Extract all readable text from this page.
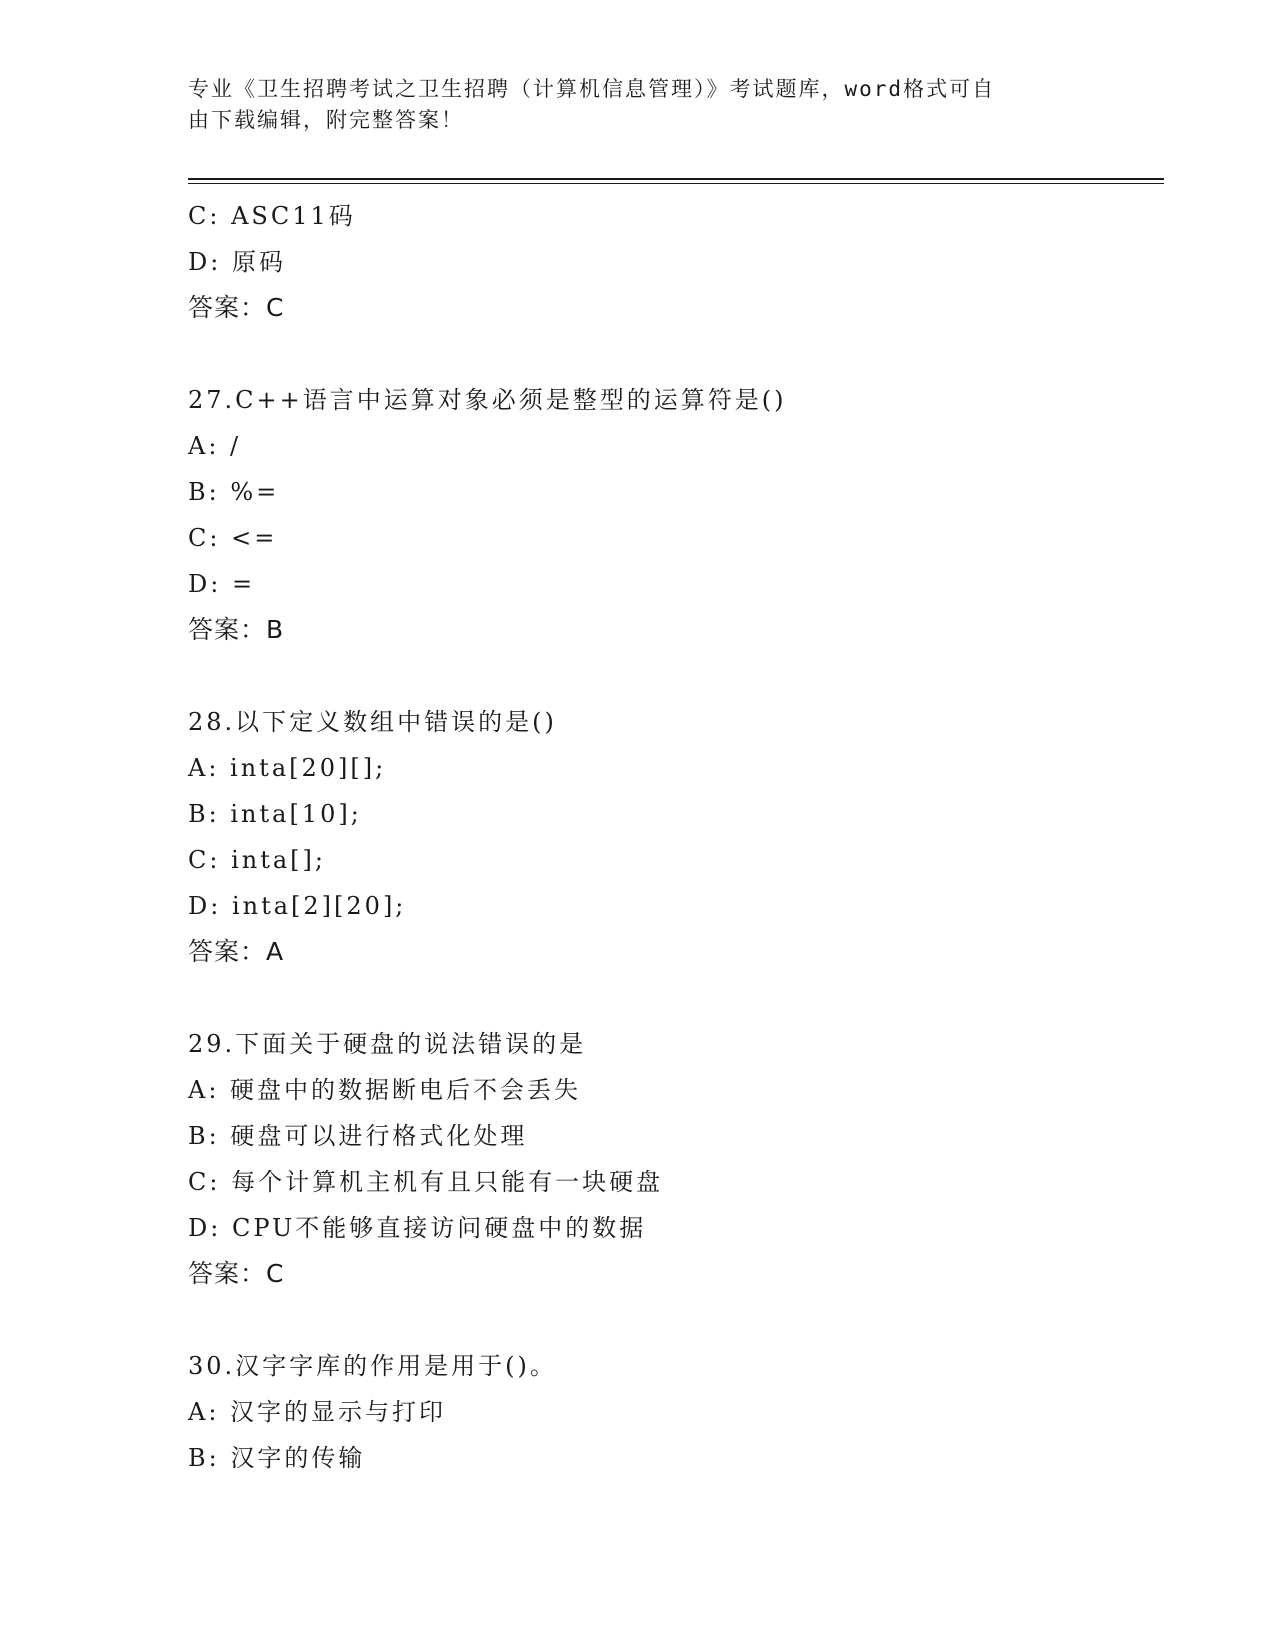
专业《卫生招聘考试之卫生招聘（计算机信息管理）》考试题库，word格式可自
由下载编辑，附完整答案！
C: ASC11码
D: 原码
答案：C
27.C++语言中运算对象必须是整型的运算符是()
A: /
B: %=
C: <=
D: =
答案：B
28.以下定义数组中错误的是()
A: inta[20][];
B: inta[10];
C: inta[];
D: inta[2][20];
答案：A
29.下面关于硬盘的说法错误的是
A: 硬盘中的数据断电后不会丢失
B: 硬盘可以进行格式化处理
C: 每个计算机主机有且只能有一块硬盘
D: CPU不能够直接访问硬盘中的数据
答案：C
30.汉字字库的作用是用于()。
A: 汉字的显示与打印
B: 汉字的传输
